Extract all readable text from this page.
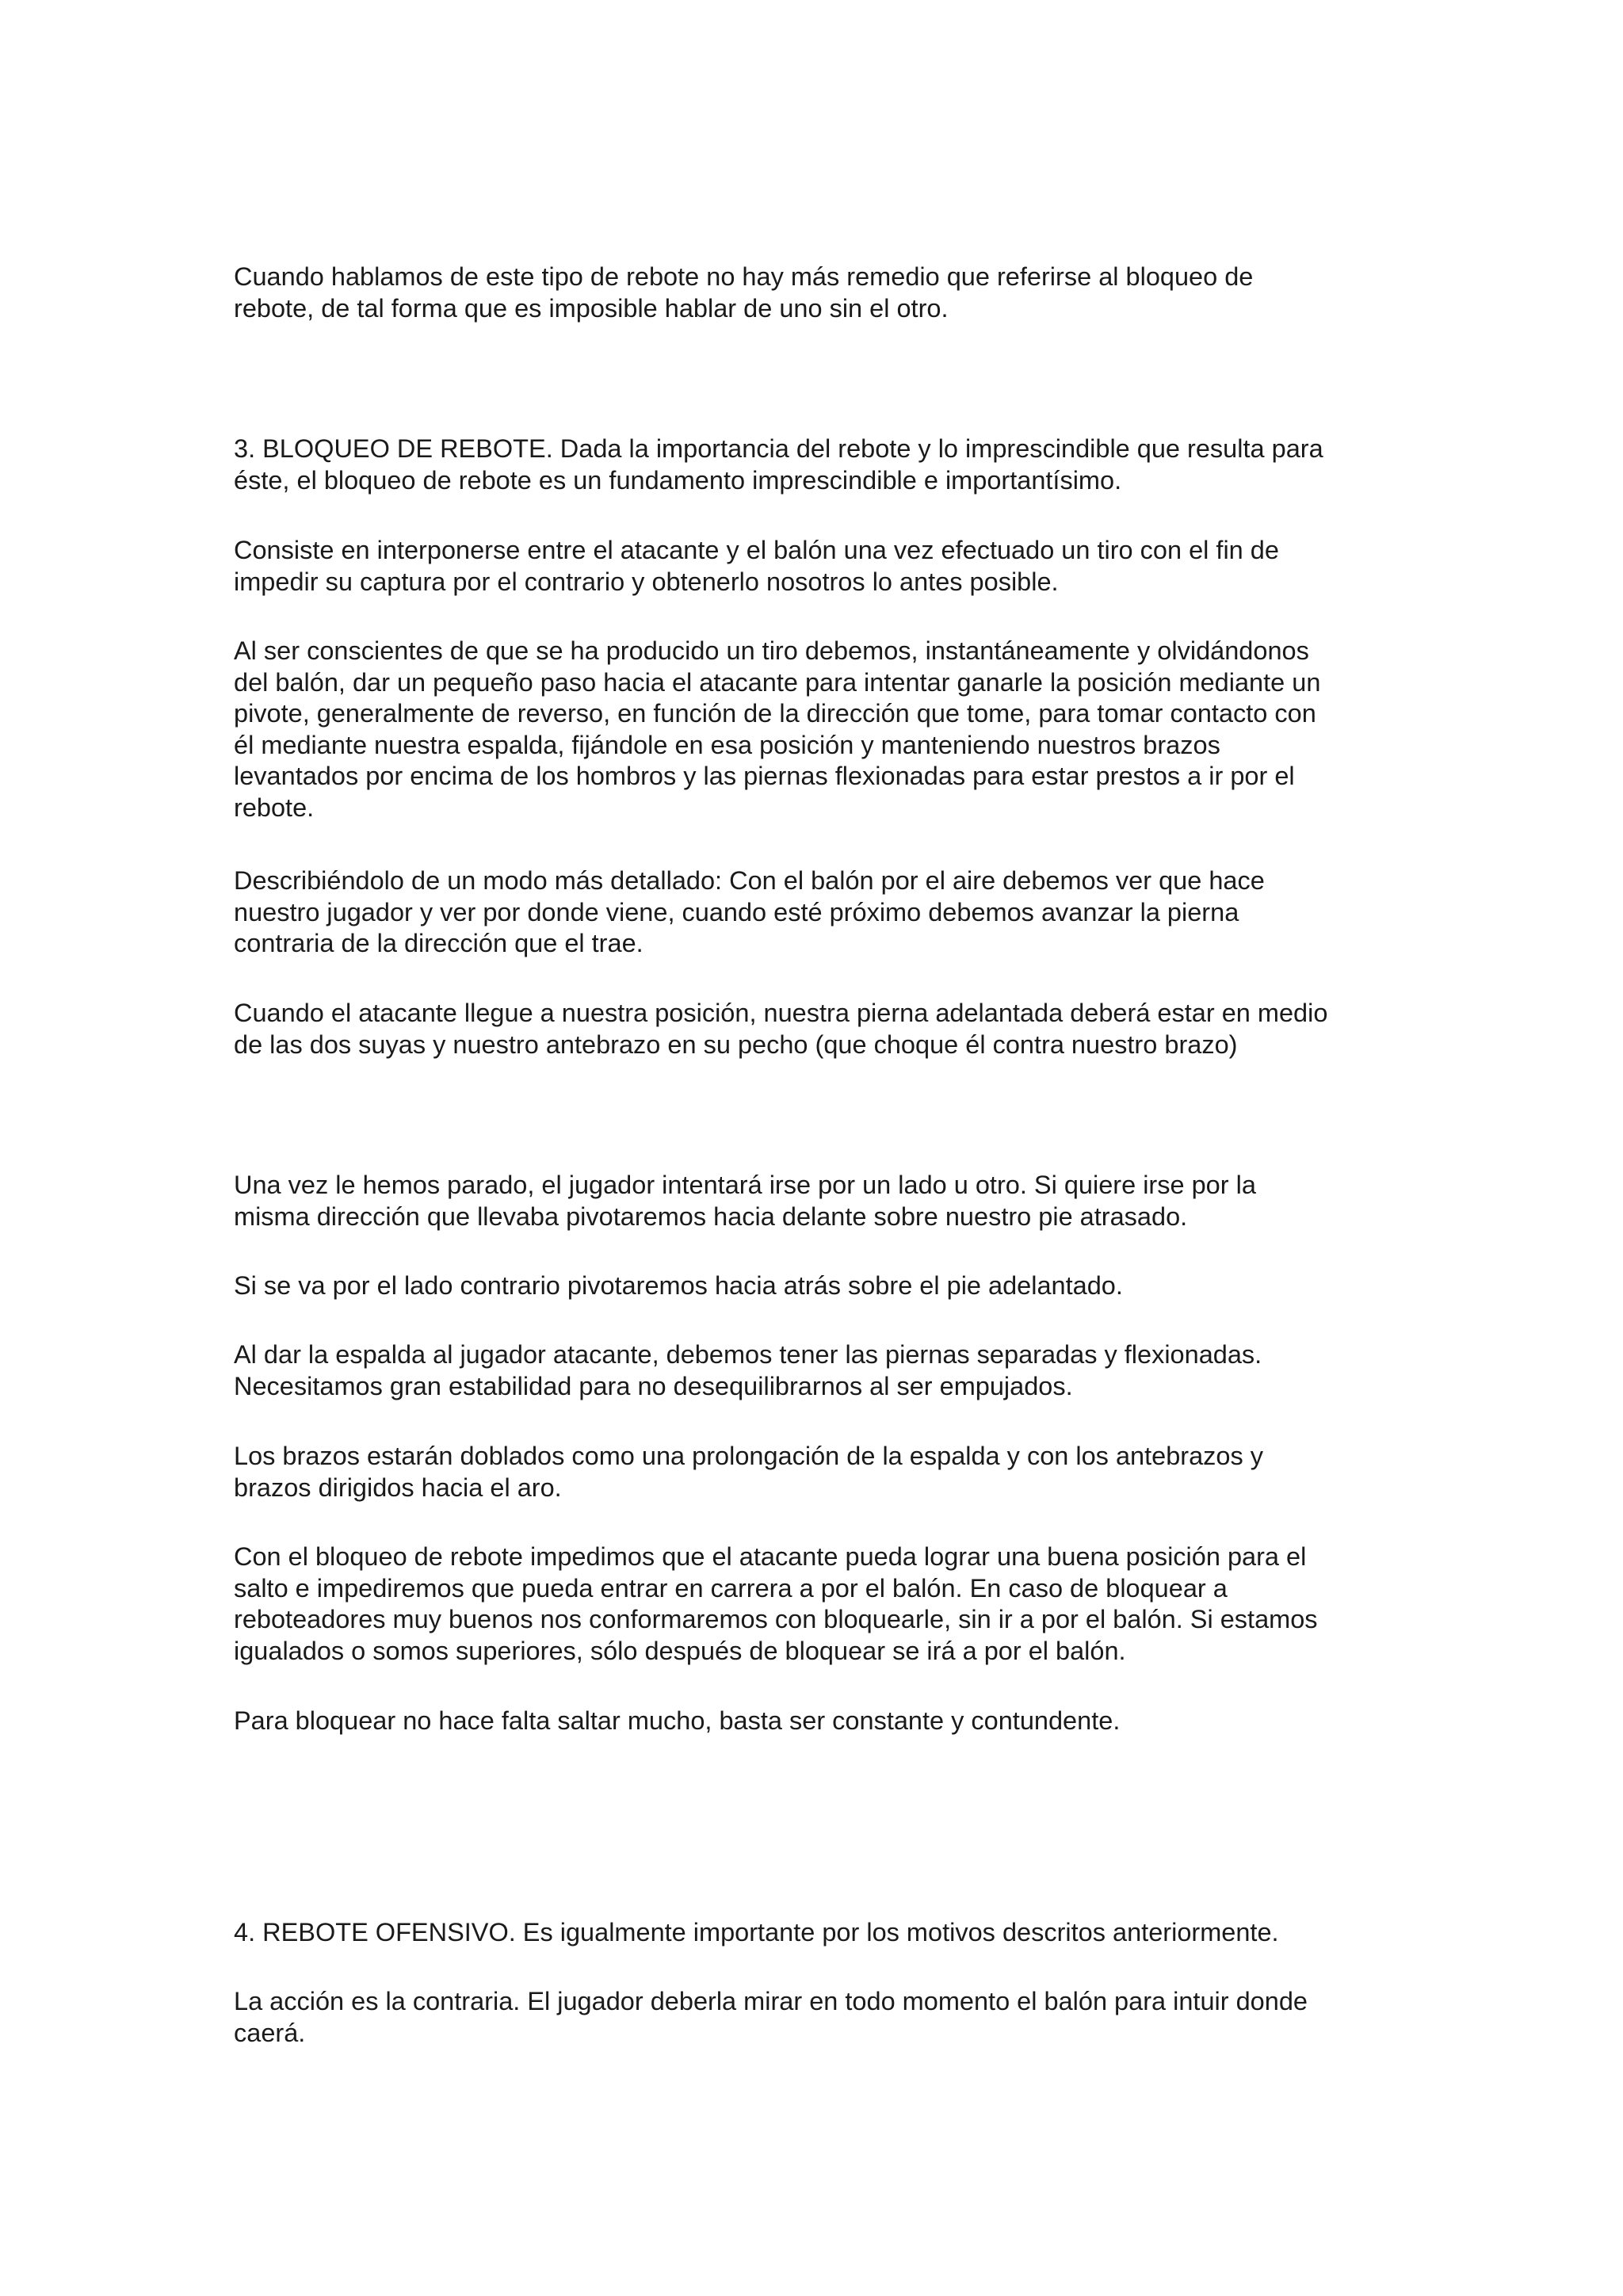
Cuando hablamos de este tipo de rebote no hay más remedio que referirse al bloqueo de
rebote, de tal forma que es imposible hablar de uno sin el otro.

3. BLOQUEO DE REBOTE. Dada la importancia del rebote y lo imprescindible que resulta para
éste, el bloqueo de rebote es un fundamento imprescindible e importantísimo.

Consiste en interponerse entre el atacante y el balón una vez efectuado un tiro con el fin de
impedir su captura por el contrario y obtenerlo nosotros lo antes posible.

Al ser conscientes de que se ha producido un tiro debemos, instantáneamente y olvidándonos
del balón, dar un pequeño paso hacia el atacante para intentar ganarle la posición mediante un
pivote, generalmente de reverso, en función de la dirección que tome, para tomar contacto con
él mediante nuestra espalda, fijándole en esa posición y manteniendo nuestros brazos
levantados por encima de los hombros y las piernas flexionadas para estar prestos a ir por el
rebote.

Describiéndolo de un modo más detallado: Con el balón por el aire debemos ver que hace
nuestro jugador y ver por donde viene, cuando esté próximo debemos avanzar la pierna
contraria de la dirección que el trae.

Cuando el atacante llegue a nuestra posición, nuestra pierna adelantada deberá estar en medio
de las dos suyas y nuestro antebrazo en su pecho (que choque él contra nuestro brazo)

Una vez le hemos parado, el jugador intentará irse por un lado u otro. Si quiere irse por la
misma dirección que llevaba pivotaremos hacia delante sobre nuestro pie atrasado.

Si se va por el lado contrario pivotaremos hacia atrás sobre el pie adelantado.

Al dar la espalda al jugador atacante, debemos tener las piernas separadas y flexionadas.
Necesitamos gran estabilidad para no desequilibrarnos al ser empujados.

Los brazos estarán doblados como una prolongación de la espalda y con los antebrazos y
brazos dirigidos hacia el aro.

Con el bloqueo de rebote impedimos que el atacante pueda lograr una buena posición para el
salto e impediremos que pueda entrar en carrera a por el balón. En caso de bloquear a
reboteadores muy buenos nos conformaremos con bloquearle, sin ir a por el balón. Si estamos
igualados o somos superiores, sólo después de bloquear se irá a por el balón.

Para bloquear no hace falta saltar mucho, basta ser constante y contundente.

4. REBOTE OFENSIVO. Es igualmente importante por los motivos descritos anteriormente.

La acción es la contraria. El jugador deberla mirar en todo momento el balón para intuir donde
caerá.
